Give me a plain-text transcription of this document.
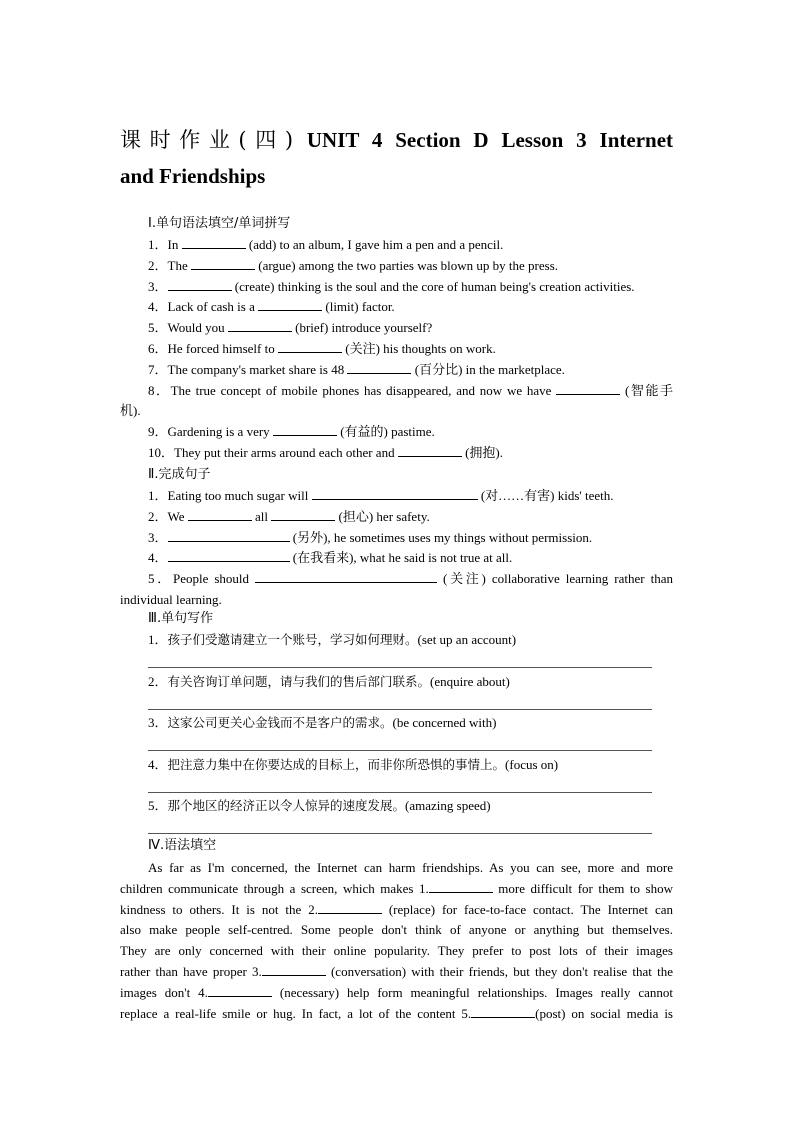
课时作业(四) UNIT 4 Section D Lesson 3 Internet
and Friendships
Ⅰ.单句语法填空/单词拼写
1．In	(add) to an album, I gave him a pen and a pencil.
2．The	(argue) among the two parties was blown up by the press.
3．	(create) thinking is the soul and the core of human being's creation activities.
4．Lack of cash is a	(limit) factor.
5．Would you	(brief) introduce yourself?
6．He forced himself to	(关注) his thoughts on work.
7．The company's market share is 48	(百分比) in the marketplace.
8．The true concept of mobile phones has disappeared, and now we have	(智能手
机).
9．Gardening is a very	(有益的) pastime.
10．They put their arms around each other and	(拥抱).
Ⅱ.完成句子
1．Eating too much sugar will	(对……有害) kids' teeth.
2．We	all	(担心) her safety.
3．	(另外), he sometimes uses my things without permission.
4．	(在我看来), what he said is not true at all.
5．People should	(关注) collaborative learning rather than
individual learning.
Ⅲ.单句写作
1．孩子们受邀请建立一个账号，学习如何理财。(set up an account)
2．有关咨询订单问题，请与我们的售后部门联系。(enquire about)
3．这家公司更关心金钱而不是客户的需求。(be concerned with)
4．把注意力集中在你要达成的目标上，而非你所恐惧的事情上。(focus on)
5．那个地区的经济正以令人惊异的速度发展。(amazing speed)
Ⅳ.语法填空
As far as I'm concerned, the Internet can harm friendships. As you can see, more and more
children communicate through a screen, which makes 1.	more difficult for them to show
kindness to others. It is not the 2.	(replace) for face-to-face contact. The Internet can
also make people self-centred. Some people don't think of anyone or anything but themselves.
They are only concerned with their online popularity. They prefer to post lots of their images
rather than have proper 3.	(conversation) with their friends, but they don't realise that the
images don't 4.	(necessary) help form meaningful relationships. Images really cannot
replace a real-life smile or hug. In fact, a lot of the content 5.	(post) on social media is
